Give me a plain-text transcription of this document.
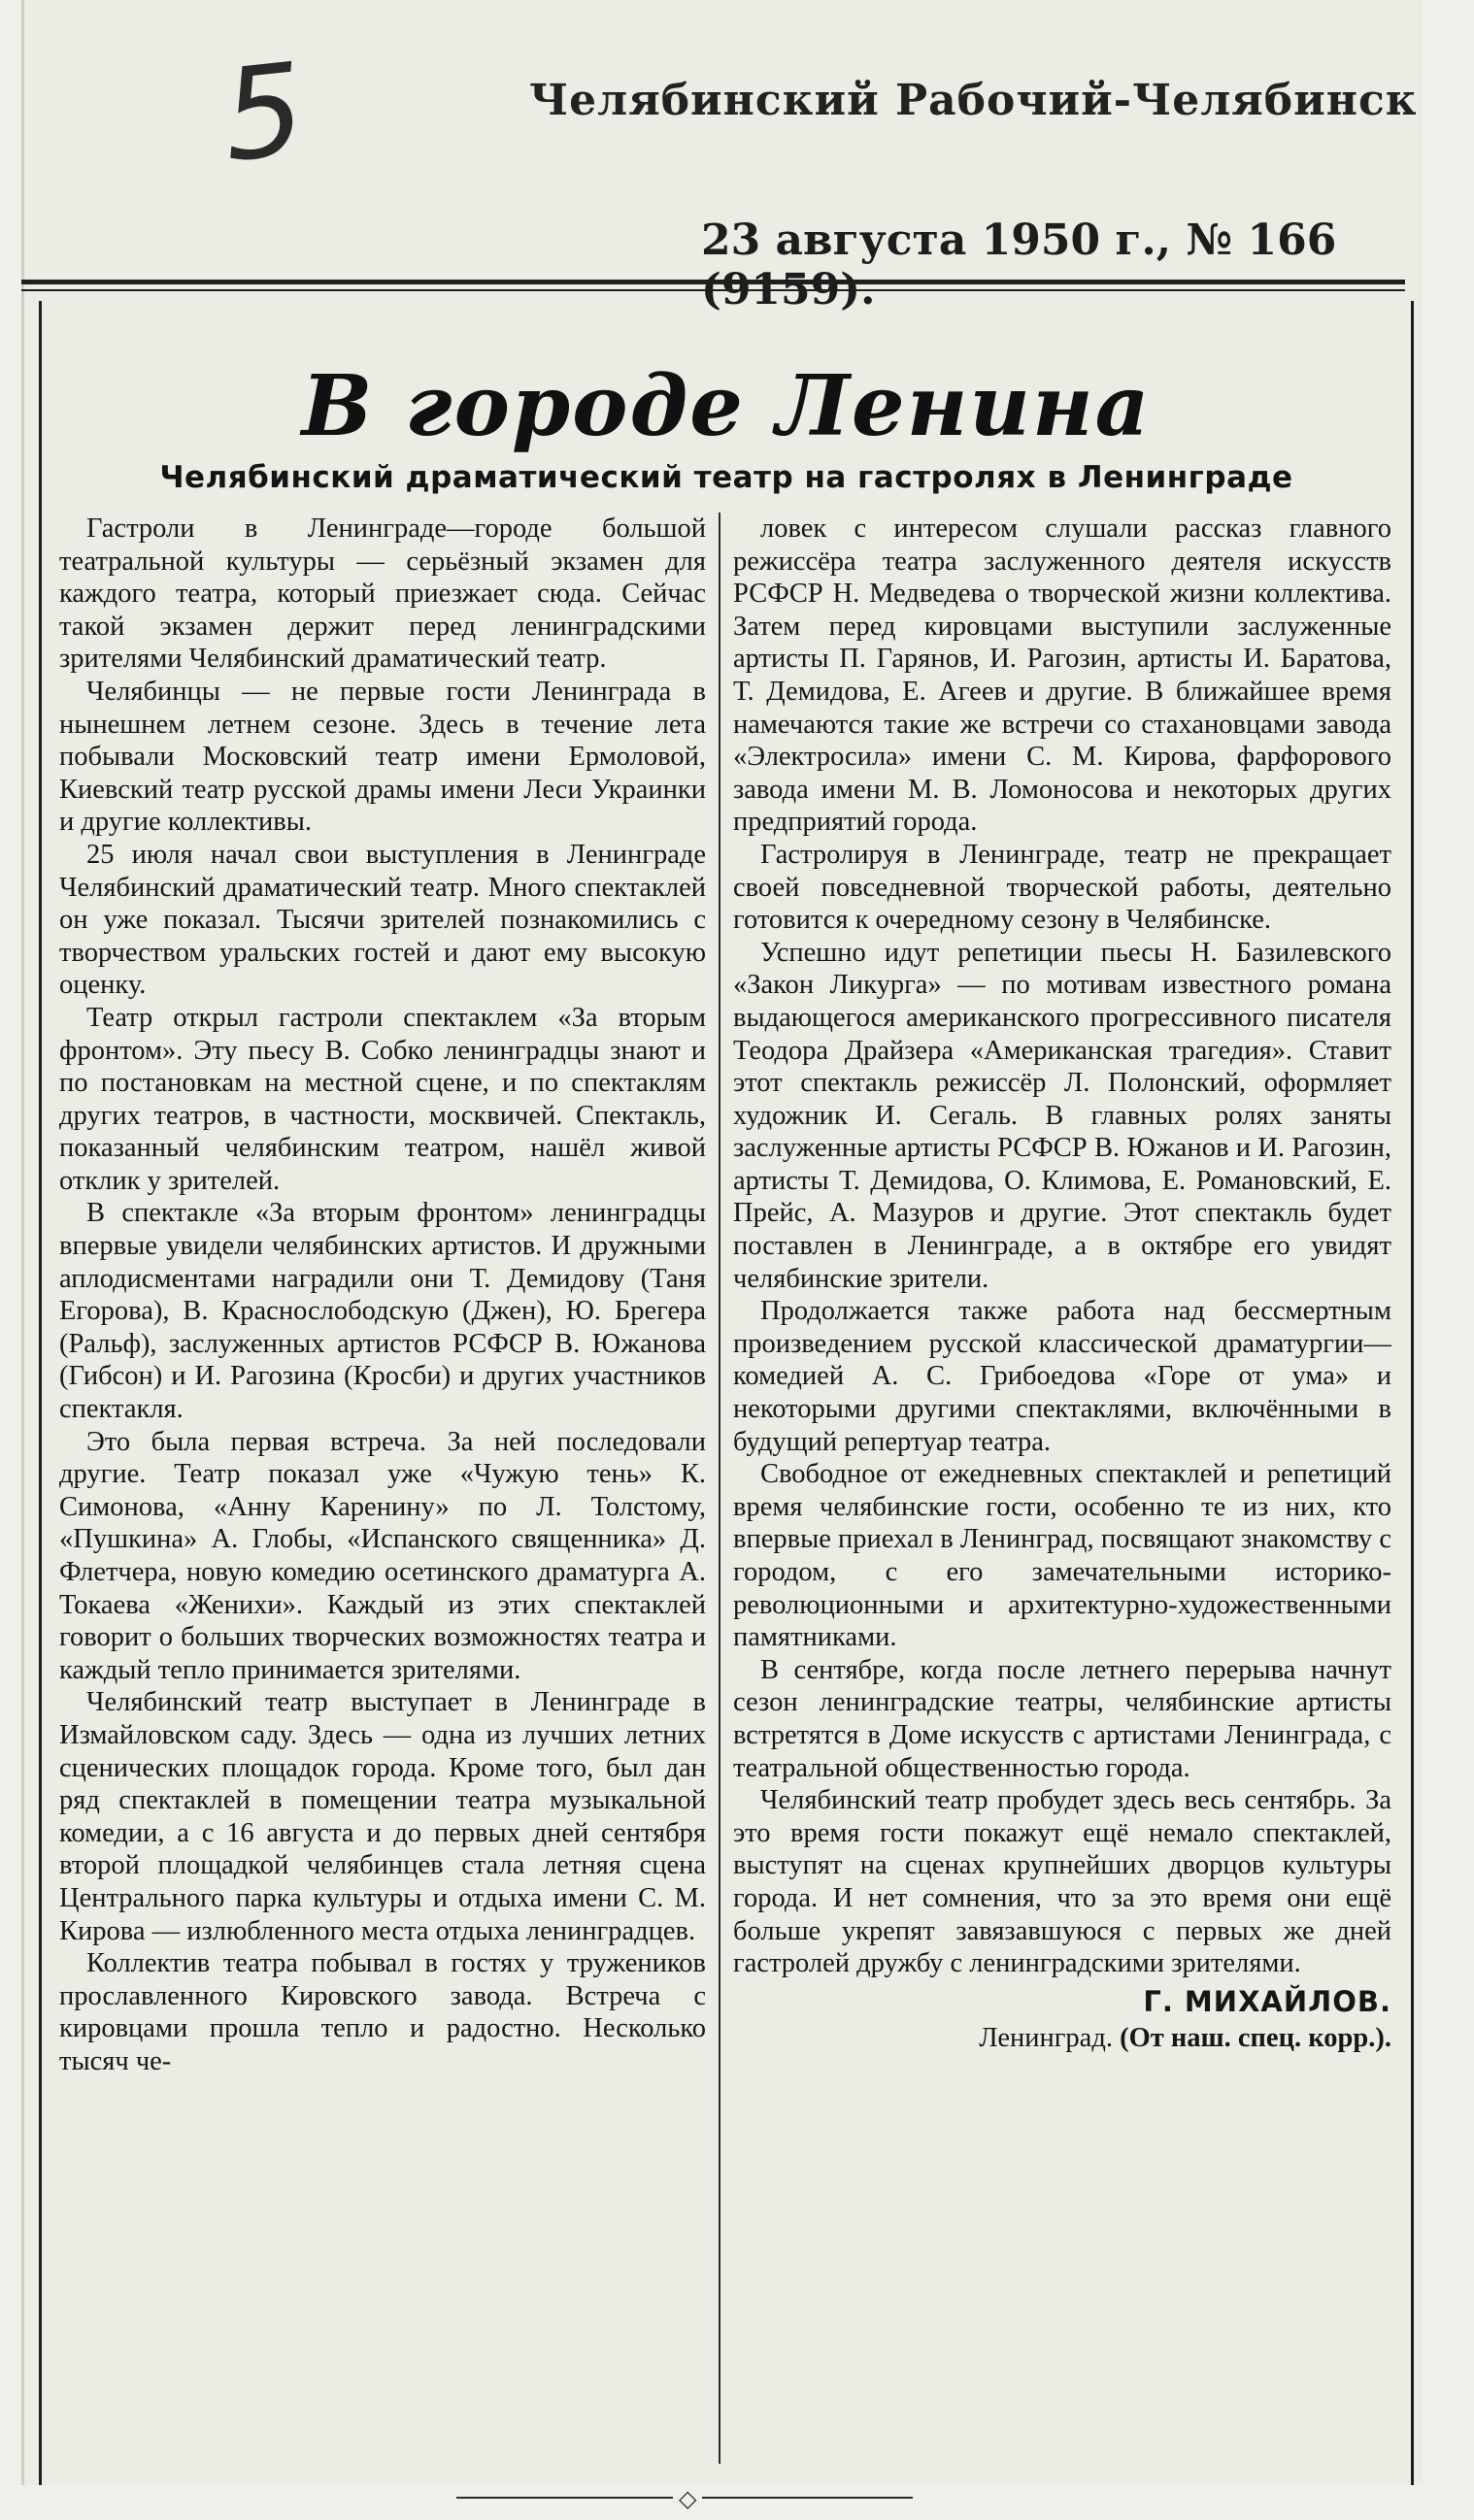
5	Челябинский Рабочий-Челябинск
23 августа 1950 г., № 166
В городе Ленина
Челябинский драматический театр на гастролях в Ленинграде

Гастроли в Ленинграде—городе большой театральной культуры — серьёзный экзамен для каждого театра, который приезжает сюда. Сейчас такой экзамен держит перед ленинградскими зрителями Челябинский драматический театр.

Челябинцы — не первые гости Ленинграда в нынешнем летнем сезоне. Здесь в течение лета побывали Московский театр имени Ермоловой, Киевский театр русской драмы имени Леси Украинки и другие коллективы.

25 июля начал свои выступления в Ленинграде Челябинский драматический театр. Много спектаклей он уже показал. Тысячи зрителей познакомились с творчеством уральских гостей и дают ему высокую оценку.

Театр открыл гастроли спектаклем «За вторым фронтом». Эту пьесу В. Собко ленинградцы знают и по постановкам на местной сцене, и по спектаклям других театров, в частности, москвичей. Спектакль, показанный челябинским театром, нашёл живой отклик у зрителей.

В спектакле «За вторым фронтом» ленинградцы впервые увидели челябинских артистов. И дружными аплодисментами наградили они Т. Демидову (Таня Егорова), В. Краснослободскую (Джен), Ю. Брегера (Ральф), заслуженных артистов РСФСР В. Южанова (Гибсон) и И. Рагозина (Кросби) и других участников спектакля.

Это была первая встреча. За ней последовали другие. Театр показал уже «Чужую тень» К. Симонова, «Анну Каренину» по Л. Толстому, «Пушкина» А. Глобы, «Испанского священника» Д. Флетчера, новую комедию осетинского драматурга А. Токаева «Женихи». Каждый из этих спектаклей говорит о больших творческих возможностях театра и каждый тепло принимается зрителями.

Челябинский театр выступает в Ленинграде в Измайловском саду. Здесь — одна из лучших летних сценических площадок города. Кроме того, был дан ряд спектаклей в помещении театра музыкальной комедии, а с 16 августа и до первых дней сентября второй площадкой челябинцев стала летняя сцена Центрального парка культуры и отдыха имени С. М. Кирова — излюбленного места отдыха ленинградцев.

Коллектив театра побывал в гостях у тружеников прославленного Кировского завода. Встреча с кировцами прошла тепло и радостно. Несколько тысяч че-

ловек с интересом слушали рассказ главного режиссёра театра заслуженного деятеля искусств РСФСР Н. Медведева о творческой жизни коллектива. Затем перед кировцами выступили заслуженные артисты П. Гарянов, И. Рагозин, артисты И. Баратова, Т. Демидова, Е. Агеев и другие. В ближайшее время намечаются такие же встречи со стахановцами завода «Электросила» имени С. М. Кирова, фарфорового завода имени М. В. Ломоносова и некоторых других предприятий города.

Гастролируя в Ленинграде, театр не прекращает своей повседневной творческой работы, деятельно готовится к очередному сезону в Челябинске.

Успешно идут репетиции пьесы Н. Базилевского «Закон Ликурга» — по мотивам известного романа выдающегося американского прогрессивного писателя Теодора Драйзера «Американская трагедия». Ставит этот спектакль режиссёр Л. Полонский, оформляет художник И. Сегаль. В главных ролях заняты заслуженные артисты РСФСР В. Южанов и И. Рагозин, артисты Т. Демидова, О. Климова, Е. Романовский, Е. Прейс, А. Мазуров и другие. Этот спектакль будет поставлен в Ленинграде, а в октябре его увидят челябинские зрители.

Продолжается также работа над бессмертным произведением русской классической драматургии—комедией А. С. Грибоедова «Горе от ума» и некоторыми другими спектаклями, включёнными в будущий репертуар театра.

Свободное от ежедневных спектаклей и репетиций время челябинские гости, особенно те из них, кто впервые приехал в Ленинград, посвящают знакомству с городом, с его замечательными историко-революционными и архитектурно-художественными памятниками.

В сентябре, когда после летнего перерыва начнут сезон ленинградские театры, челябинские артисты встретятся в Доме искусств с артистами Ленинграда, с театральной общественностью города.

Челябинский театр пробудет здесь весь сентябрь. За это время гости покажут ещё немало спектаклей, выступят на сценах крупнейших дворцов культуры города. И нет сомнения, что за это время они ещё больше укрепят завязавшуюся с первых же дней гастролей дружбу с ленинградскими зрителями.

Г. МИХАЙЛОВ.

Ленинград. (От наш. спец. корр.).

◇
